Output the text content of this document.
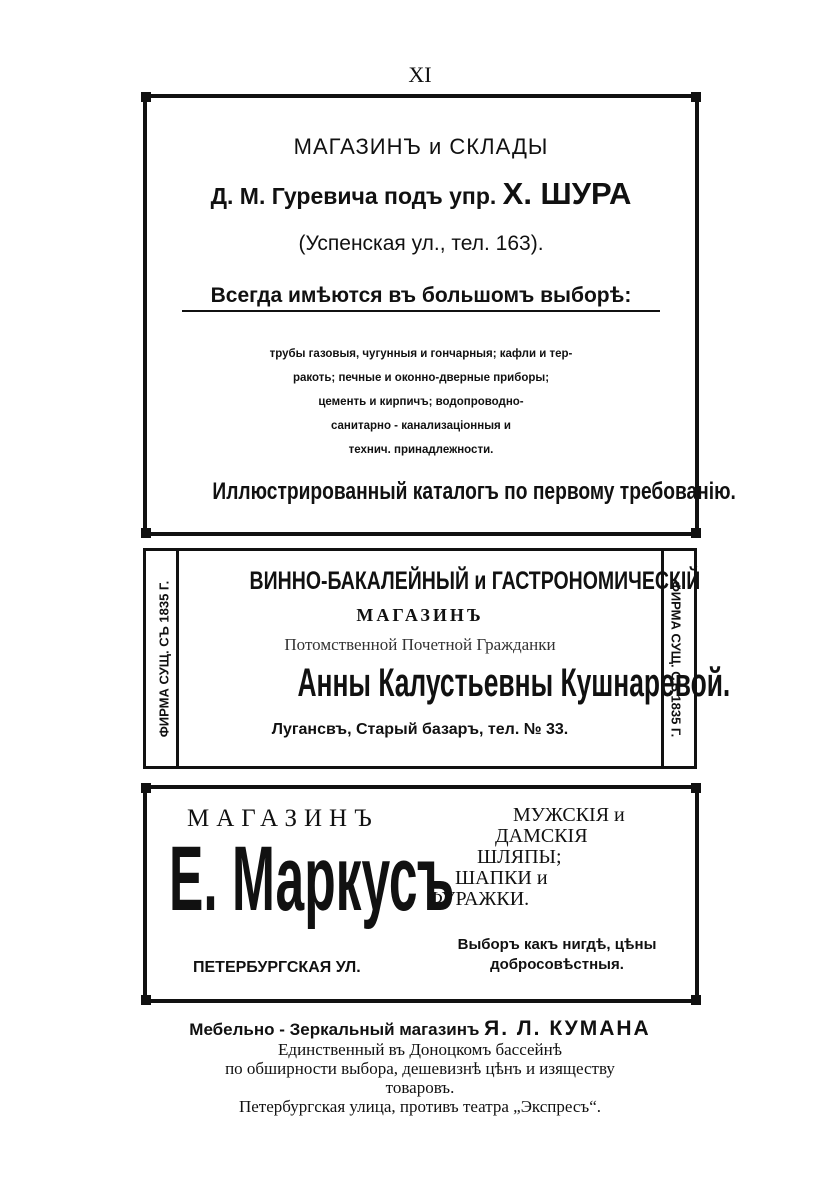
XI
МАГАЗИНЪ и СКЛАДЫ
Д. М. Гуревича подъ упр. Х. ШУРА
(Успенская ул., тел. 163).
Всегда имѣются въ большомъ выборѣ:
трубы газовыя, чугунныя и гончарныя; кафли и тер-
ракоть; печные и оконно-дверные приборы;
цементь и кирпичъ; водопроводно-
санитарно - канализаціонныя и
технич. принадлежности.
Иллюстрированный каталогъ по первому требованію.
ФИРМА СУЩ. СЪ 1835 Г.	ФИРМА СУЩ. СЪ 1835 Г.
ВИННО-БАКАЛЕЙНЫЙ и ГАСТРОНОМИЧЕСКІЙ
МАГАЗИНЪ
Потомственной Почетной Гражданки
Анны Калустьевны Кушнаревой.
Лугансвъ, Старый базаръ, тел. № 33.
МАГАЗИНЪ
Е. Маркусъ
ПЕТЕРБУРГСКАЯ УЛ.
МУЖСКІЯ и
ДАМСКІЯ
ШЛЯПЫ;
ШАПКИ и
ФУРАЖКИ.
Выборъ какъ нигдѣ, цѣны
добросовѣстныя.
Мебельно - Зеркальный магазинъ Я. Л. КУМАНА
Единственный въ Доноцкомъ бассейнѣ
по обширности выбора, дешевизнѣ цѣнъ и изяществу
товаровъ.
Петербургская улица, противъ театра „Экспресъ“.
